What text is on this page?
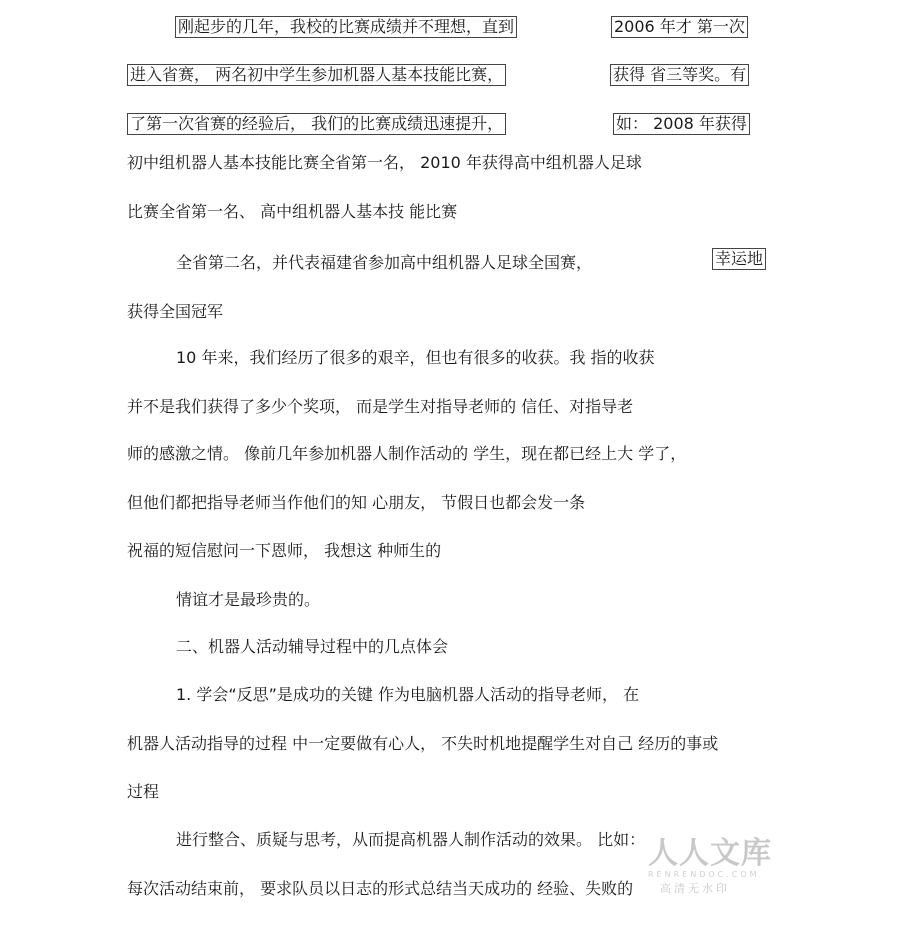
刚起步的几年，我校的比赛成绩并不理想，直到	2006 年才 第一次
进入省赛， 两名初中学生参加机器人基本技能比赛，	获得 省三等奖。有
了第一次省赛的经验后， 我们的比赛成绩迅速提升，	如： 2008 年获得
初中组机器人基本技能比赛全省第一名， 2010 年获得高中组机器人足球
比赛全省第一名、 高中组机器人基本技 能比赛
全省第二名，并代表福建省参加高中组机器人足球全国赛，	幸运地
获得全国冠军
10 年来，我们经历了很多的艰辛，但也有很多的收获。我 指的收获
并不是我们获得了多少个奖项， 而是学生对指导老师的 信任、对指导老
师的感激之情。 像前几年参加机器人制作活动的 学生，现在都已经上大 学了，
但他们都把指导老师当作他们的知 心朋友， 节假日也都会发一条
祝福的短信慰问一下恩师， 我想这 种师生的
情谊才是最珍贵的。
二、机器人活动辅导过程中的几点体会
1. 学会“反思”是成功的关键 作为电脑机器人活动的指导老师， 在
机器人活动指导的过程 中一定要做有心人， 不失时机地提醒学生对自己 经历的事或
过程
进行整合、质疑与思考，从而提高机器人制作活动的效果。 比如：
每次活动结束前， 要求队员以日志的形式总结当天成功的 经验、失败的
人人文库
RENRENDOC.COM
高清无水印
